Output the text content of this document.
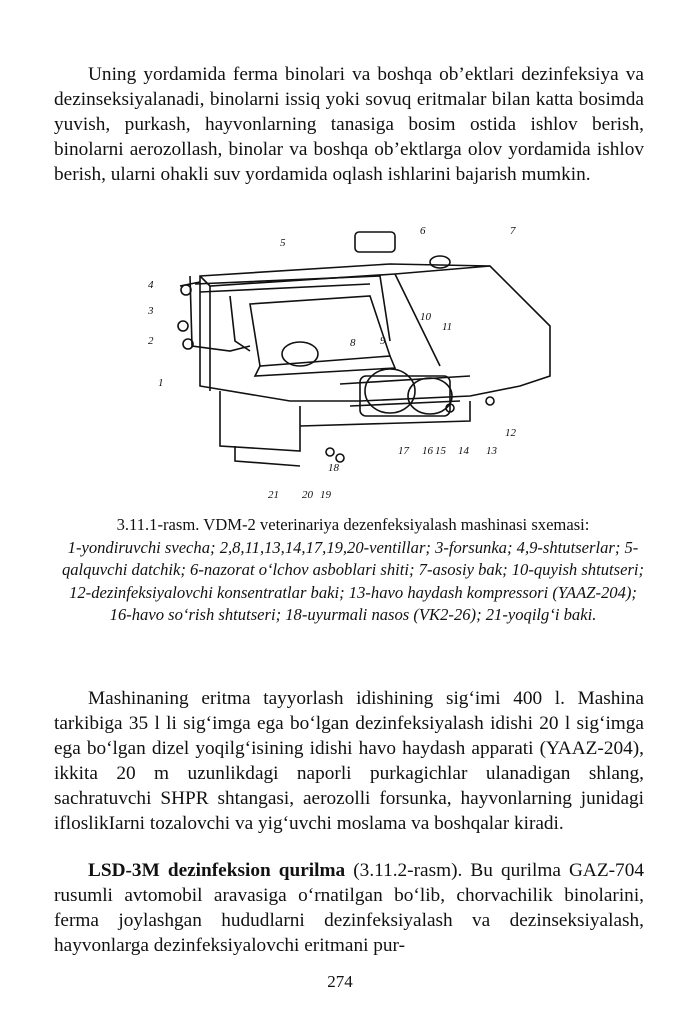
Uning yordamida ferma binolari va boshqa ob’ektlari dezinfeksiya va dezinseksiyalanadi, binolarni issiq yoki sovuq eritmalar bilan katta bosimda yuvish, purkash, hayvonlarning tanasiga bosim ostida ishlov berish, binolarni aerozollash, binolar va boshqa ob’ektlarga olov yordamida ishlov berish, ularni ohakli suv yordamida oqlash ishlarini bajarish mumkin.

4
3
2
1
5
6	7
8 9
10
11
12
13
14
15
16
17
18
19
20
21

3.11.1-rasm. VDM-2 veterinariya dezenfeksiyalash mashinasi sxemasi:
1-yondiruvchi svecha; 2,8,11,13,14,17,19,20-ventillar; 3-forsunka; 4,9-shtutserlar; 5-qalquvchi datchik; 6-nazorat o‘lchov asboblari shiti; 7-asosiy bak; 10-quyish shtutseri; 12-dezinfeksiyalovchi konsentratlar baki; 13-havo haydash kompressori (YAAZ-204); 16-havo so‘rish shtutseri; 18-uyurmali nasos (VK2-26); 21-yoqilg‘i baki.

Mashinaning eritma tayyorlash idishining sig‘imi 400 l. Mashina tarkibiga 35 l li sig‘imga ega bo‘lgan dezinfeksiyalash idishi 20 l sig‘imga ega bo‘lgan dizel yoqilg‘isining idishi havo haydash apparati (YAAZ-204), ikkita 20 m uzunlikdagi naporli purkagichlar ulanadigan shlang, sachratuvchi SHPR shtangasi, aerozolli forsunka, hayvonlarning junidagi ifloslikIarni tozalovchi va yig‘uvchi moslama va boshqalar kiradi.

LSD-3M dezinfeksion qurilma (3.11.2-rasm). Bu qurilma GAZ-704 rusumli avtomobil aravasiga o‘rnatilgan bo‘lib, chorvachilik binolarini, ferma joylashgan hududlarni dezinfeksiyalash va dezinseksiyalash, hayvonlarga dezinfeksiyalovchi eritmani pur-

274
